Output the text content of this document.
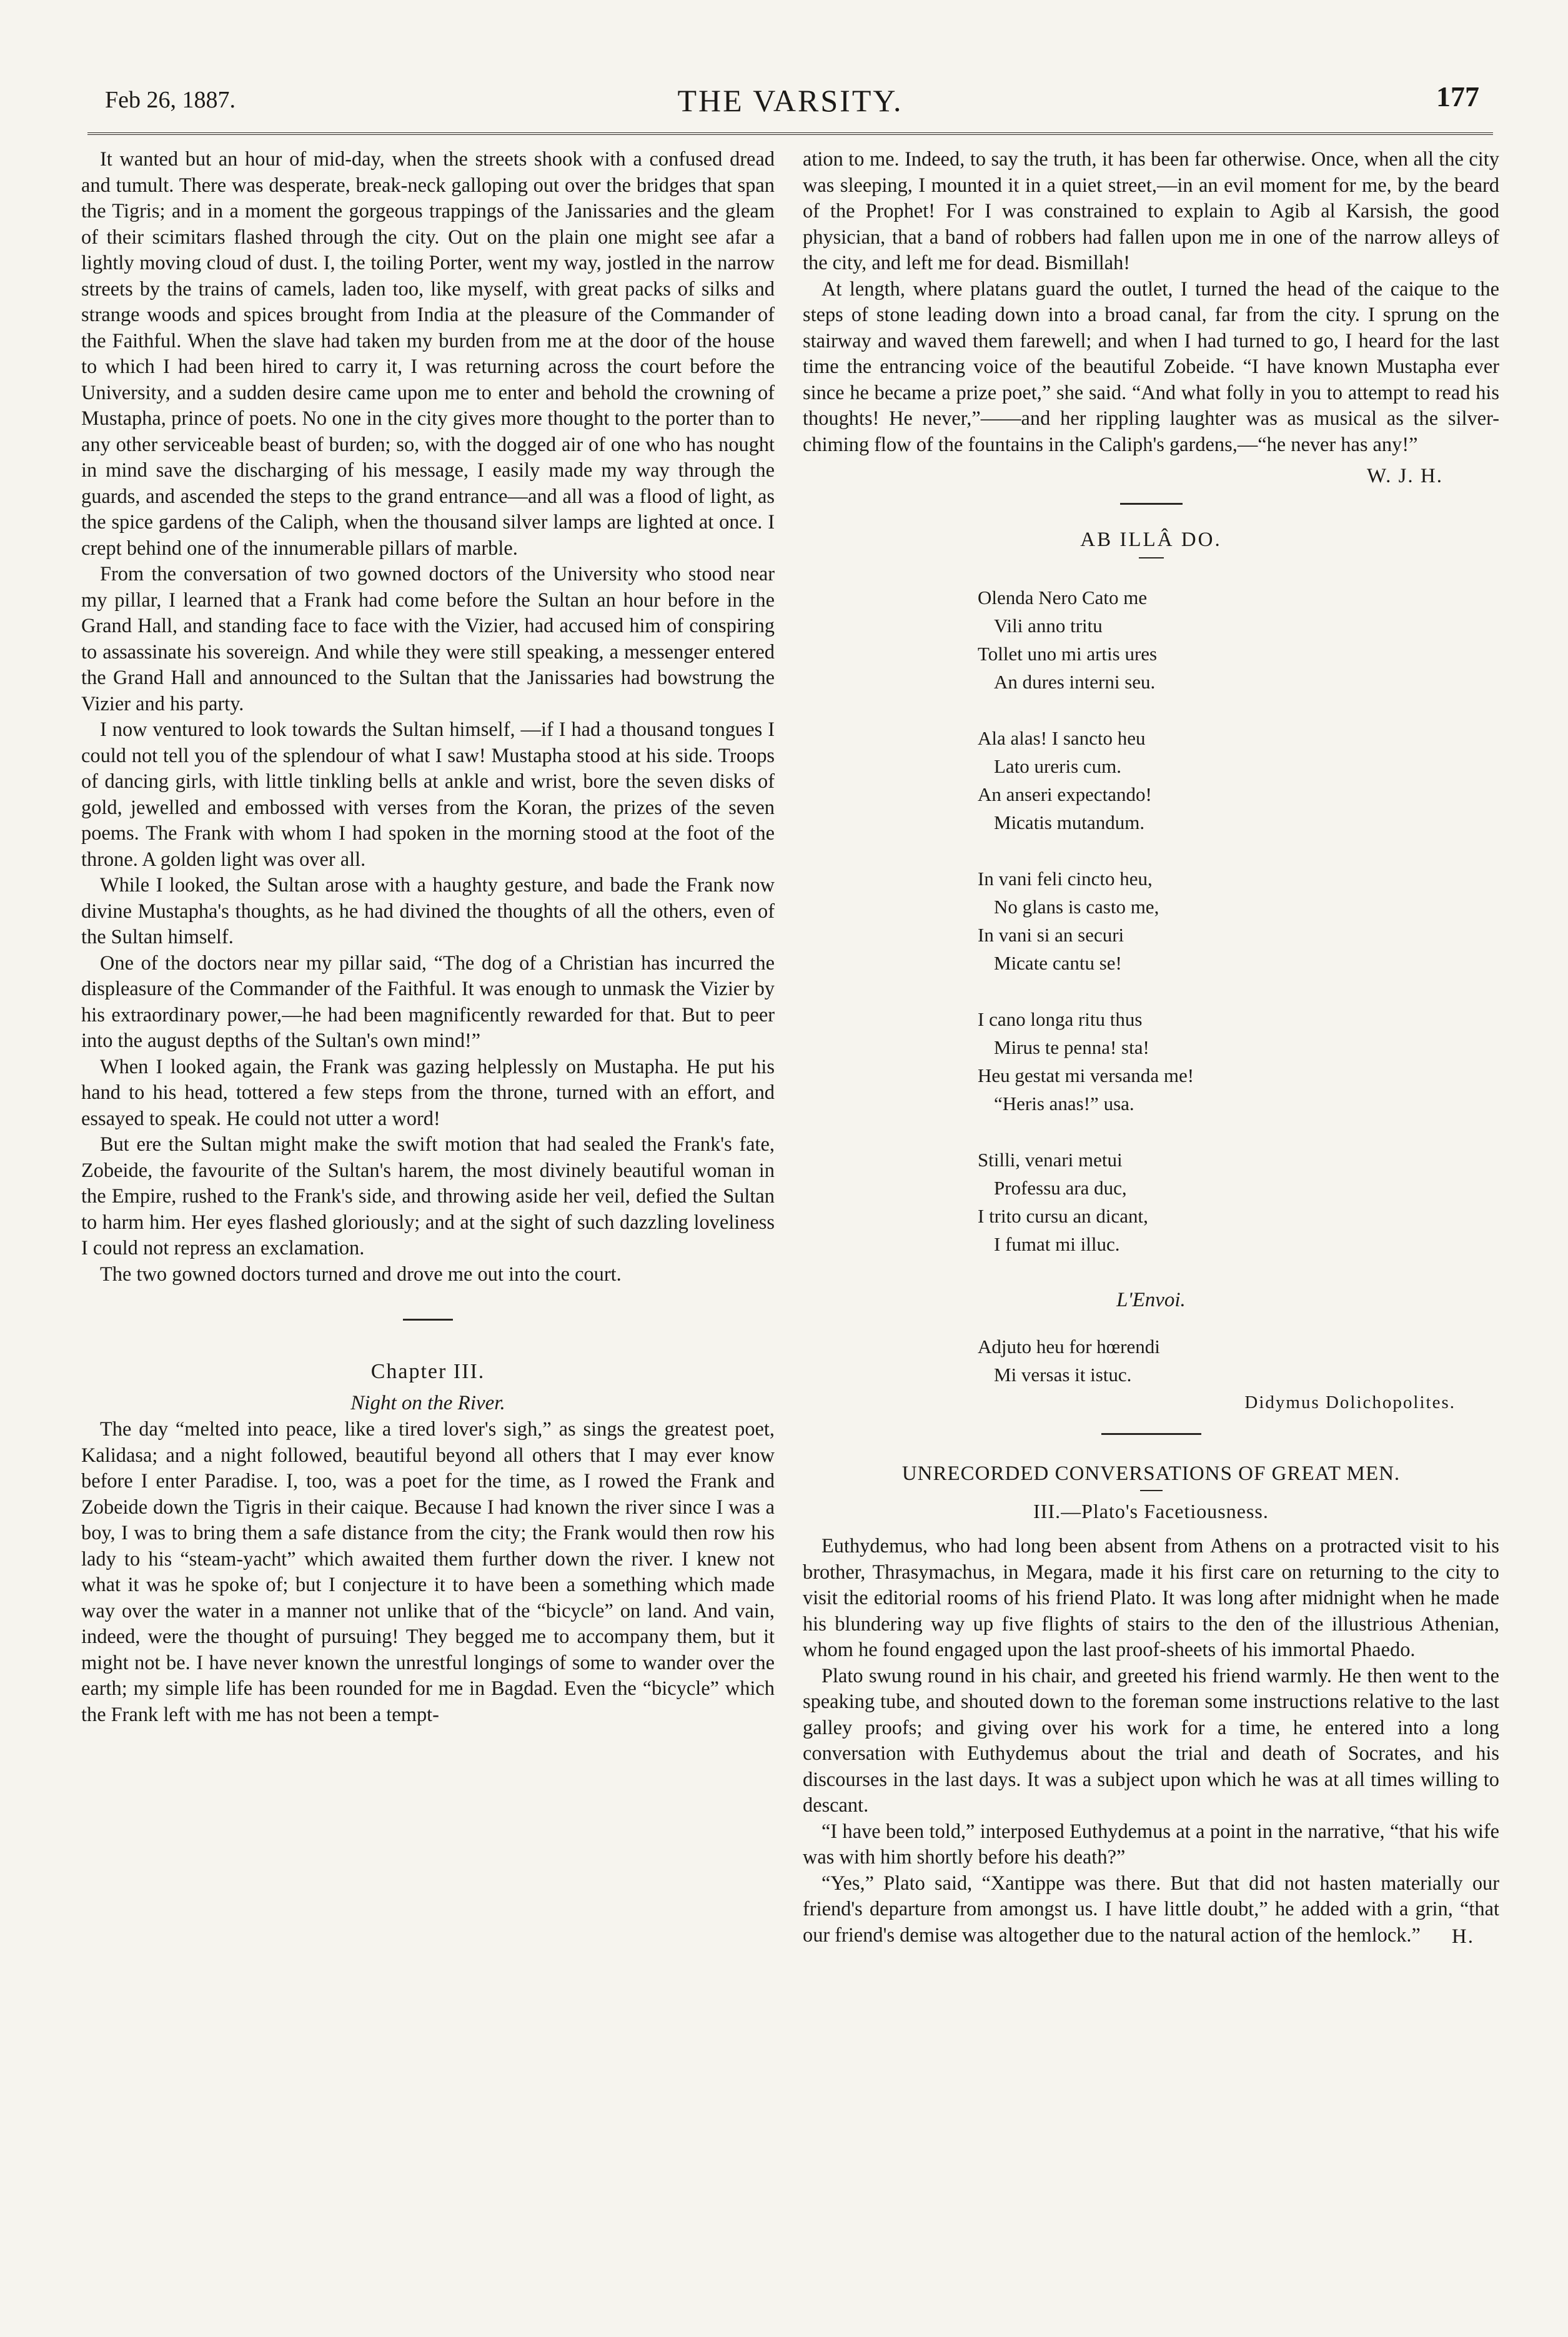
Feb 26, 1887.	THE VARSITY.	177

It wanted but an hour of mid-day, when the streets shook with a confused dread and tumult. There was desperate, break-neck galloping out over the bridges that span the Tigris; and in a moment the gorgeous trappings of the Janissaries and the gleam of their scimitars flashed through the city. Out on the plain one might see afar a lightly moving cloud of dust. I, the toiling Porter, went my way, jostled in the narrow streets by the trains of camels, laden too, like myself, with great packs of silks and strange woods and spices brought from India at the pleasure of the Commander of the Faithful. When the slave had taken my burden from me at the door of the house to which I had been hired to carry it, I was returning across the court before the University, and a sudden desire came upon me to enter and behold the crowning of Mustapha, prince of poets. No one in the city gives more thought to the porter than to any other serviceable beast of burden; so, with the dogged air of one who has nought in mind save the discharging of his message, I easily made my way through the guards, and ascended the steps to the grand entrance—and all was a flood of light, as the spice gardens of the Caliph, when the thousand silver lamps are lighted at once. I crept behind one of the innumerable pillars of marble.

From the conversation of two gowned doctors of the University who stood near my pillar, I learned that a Frank had come before the Sultan an hour before in the Grand Hall, and standing face to face with the Vizier, had accused him of conspiring to assassinate his sovereign. And while they were still speaking, a messenger entered the Grand Hall and announced to the Sultan that the Janissaries had bowstrung the Vizier and his party.

I now ventured to look towards the Sultan himself, —if I had a thousand tongues I could not tell you of the splendour of what I saw! Mustapha stood at his side. Troops of dancing girls, with little tinkling bells at ankle and wrist, bore the seven disks of gold, jewelled and embossed with verses from the Koran, the prizes of the seven poems. The Frank with whom I had spoken in the morning stood at the foot of the throne. A golden light was over all.

While I looked, the Sultan arose with a haughty gesture, and bade the Frank now divine Mustapha's thoughts, as he had divined the thoughts of all the others, even of the Sultan himself.

One of the doctors near my pillar said, “The dog of a Christian has incurred the displeasure of the Commander of the Faithful. It was enough to unmask the Vizier by his extraordinary power,—he had been magnificently rewarded for that. But to peer into the august depths of the Sultan's own mind!”

When I looked again, the Frank was gazing helplessly on Mustapha. He put his hand to his head, tottered a few steps from the throne, turned with an effort, and essayed to speak. He could not utter a word!

But ere the Sultan might make the swift motion that had sealed the Frank's fate, Zobeide, the favourite of the Sultan's harem, the most divinely beautiful woman in the Empire, rushed to the Frank's side, and throwing aside her veil, defied the Sultan to harm him. Her eyes flashed gloriously; and at the sight of such dazzling loveliness I could not repress an exclamation.

The two gowned doctors turned and drove me out into the court.

Chapter III.
Night on the River.

The day “melted into peace, like a tired lover's sigh,” as sings the greatest poet, Kalidasa; and a night followed, beautiful beyond all others that I may ever know before I enter Paradise. I, too, was a poet for the time, as I rowed the Frank and Zobeide down the Tigris in their caique. Because I had known the river since I was a boy, I was to bring them a safe distance from the city; the Frank would then row his lady to his “steam-yacht” which awaited them further down the river. I knew not what it was he spoke of; but I conjecture it to have been a something which made way over the water in a manner not unlike that of the “bicycle” on land. And vain, indeed, were the thought of pursuing! They begged me to accompany them, but it might not be. I have never known the unrestful longings of some to wander over the earth; my simple life has been rounded for me in Bagdad. Even the “bicycle” which the Frank left with me has not been a tempt-

ation to me. Indeed, to say the truth, it has been far otherwise. Once, when all the city was sleeping, I mounted it in a quiet street,—in an evil moment for me, by the beard of the Prophet! For I was constrained to explain to Agib al Karsish, the good physician, that a band of robbers had fallen upon me in one of the narrow alleys of the city, and left me for dead. Bismillah!

At length, where platans guard the outlet, I turned the head of the caique to the steps of stone leading down into a broad canal, far from the city. I sprung on the stairway and waved them farewell; and when I had turned to go, I heard for the last time the entrancing voice of the beautiful Zobeide. “I have known Mustapha ever since he became a prize poet,” she said. “And what folly in you to attempt to read his thoughts! He never,”——and her rippling laughter was as musical as the silver-chiming flow of the fountains in the Caliph's gardens,—“he never has any!”

W. J. H.
AB ILLÂ DO.
Olenda Nero Cato me
Vili anno tritu
Tollet uno mi artis ures
An dures interni seu.
Ala alas! I sancto heu
Lato ureris cum.
An anseri expectando!
Micatis mutandum.
In vani feli cincto heu,
No glans is casto me,
In vani si an securi
Micate cantu se!
I cano longa ritu thus
Mirus te penna! sta!
Heu gestat mi versanda me!
“Heris anas!” usa.
Stilli, venari metui
Professu ara duc,
I trito cursu an dicant,
I fumat mi illuc.
L'Envoi.
Adjuto heu for hœrendi
Mi versas it istuc.
Didymus Dolichopolites.
UNRECORDED CONVERSATIONS OF GREAT MEN.
III.—Plato's Facetiousness.

Euthydemus, who had long been absent from Athens on a protracted visit to his brother, Thrasymachus, in Megara, made it his first care on returning to the city to visit the editorial rooms of his friend Plato. It was long after midnight when he made his blundering way up five flights of stairs to the den of the illustrious Athenian, whom he found engaged upon the last proof-sheets of his immortal Phaedo.

Plato swung round in his chair, and greeted his friend warmly. He then went to the speaking tube, and shouted down to the foreman some instructions relative to the last galley proofs; and giving over his work for a time, he entered into a long conversation with Euthydemus about the trial and death of Socrates, and his discourses in the last days. It was a subject upon which he was at all times willing to descant.

“I have been told,” interposed Euthydemus at a point in the narrative, “that his wife was with him shortly before his death?”

“Yes,” Plato said, “Xantippe was there. But that did not hasten materially our friend's departure from amongst us. I have little doubt,” he added with a grin, “that our friend's demise was altogether due to the natural action of the hemlock.”	H.
